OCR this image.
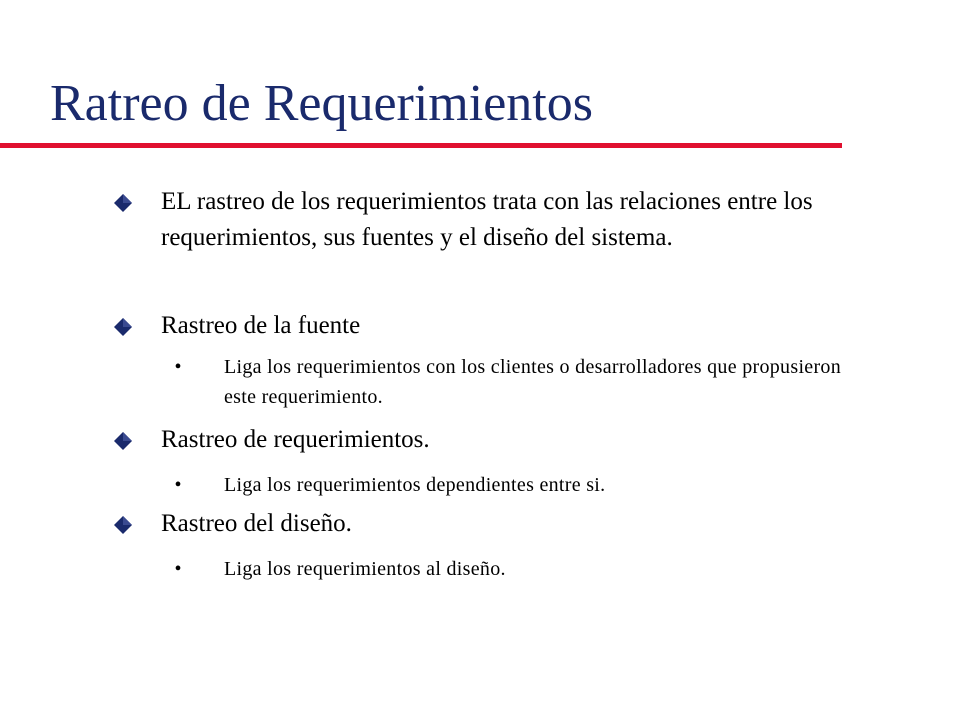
Ratreo de Requerimientos
EL rastreo de los requerimientos trata con las relaciones entre los requerimientos, sus fuentes y el diseño del sistema.
Rastreo de la fuente
• Liga los requerimientos con los clientes o desarrolladores que propusieron este requerimiento.
Rastreo de requerimientos.
• Liga los requerimientos dependientes entre si.
Rastreo del diseño.
• Liga los requerimientos al diseño.
